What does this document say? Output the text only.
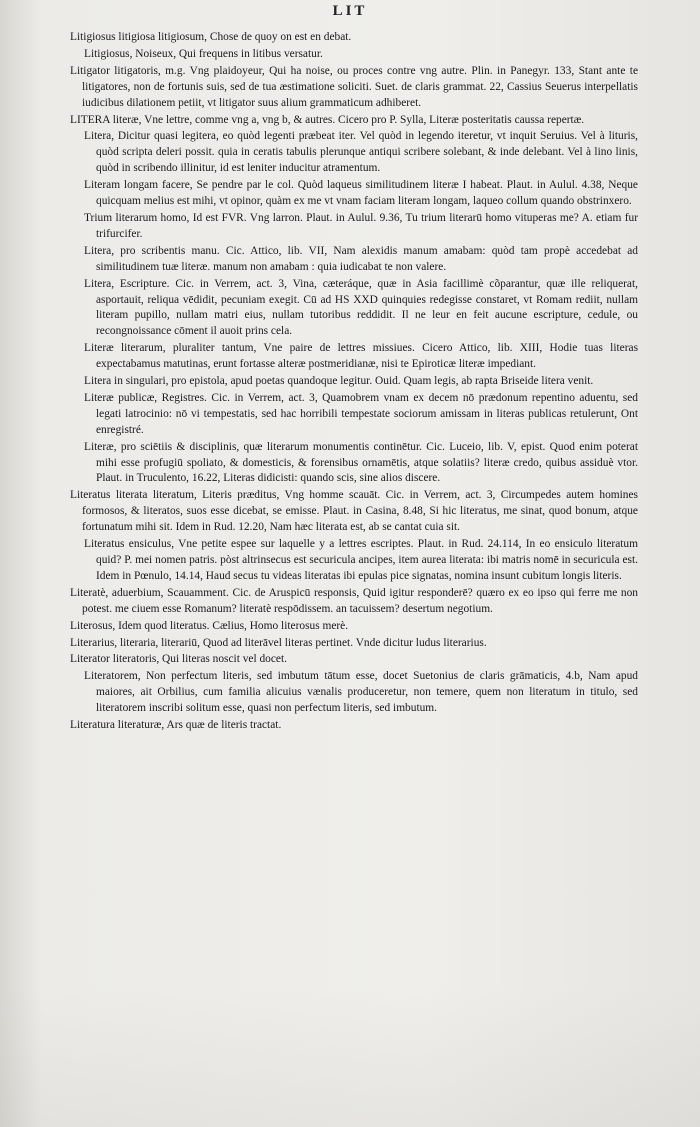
LIT

Litigiosus litigiosa litigiosum, Chose de quoy on est en debat.

Litigiosus, Noiseux, Qui frequens in litibus versatur.

Litigator litigatoris, m.g. Vng plaidoyeur, Qui ha noise, ou proces contre vng autre. Plin. in Panegyr. 133, Stant ante te litigatores, non de fortunis suis, sed de tua æstimatione soliciti. Suet. de claris grammat. 22, Cassius Seuerus interpellatis iudicibus dilationem petiit, vt litigator suus alium grammaticum adhiberet.

LITERA literæ, Vne lettre, comme vng a, vng b, & autres. Cicero pro P. Sylla, Literæ posteritatis caussa repertæ.

Litera, Dicitur quasi legitera, eo quòd legenti præbeat iter. Vel quòd in legendo iteretur, vt inquit Seruius. Vel à lituris, quòd scripta deleri possit. quia in ceratis tabulis plerunque antiqui scribere solebant, & inde delebant. Vel à lino linis, quòd in scribendo illinitur, id est leniter inducitur atramentum.

Literam longam facere, Se pendre par le col. Quòd laqueus similitudinem literæ I habeat. Plaut. in Aulul. 4.38, Neque quicquam melius est mihi, vt opinor, quàm ex me vt vnam faciam literam longam, laqueo collum quando obstrinxero.

Trium literarum homo, Id est FVR. Vng larron. Plaut. in Aulul. 9.36, Tu trium literarū homo vituperas me? A. etiam fur trifurcifer.

Litera, pro scribentis manu. Cic. Attico, lib. VII, Nam alexidis manum amabam: quòd tam propè accedebat ad similitudinem tuæ literæ. manum non amabam : quia iudicabat te non valere.

Litera, Escripture. Cic. in Verrem, act. 3, Vina, cæteráque, quæ in Asia facillimè cõparantur, quæ ille reliquerat, asportauit, reliqua vēdidit, pecuniam exegit. Cū ad HS XXD quinquies redegisse constaret, vt Romam rediit, nullam literam pupillo, nullam matri eius, nullam tutoribus reddidit. Il ne leur en feit aucune escripture, cedule, ou recongnoissance cōment il auoit prins cela.

Literæ literarum, pluraliter tantum, Vne paire de lettres missiues. Cicero Attico, lib. XIII, Hodie tuas literas expectabamus matutinas, erunt fortasse alteræ postmeridianæ, nisi te Epiroticæ literæ impediant.

Litera in singulari, pro epistola, apud poetas quandoque legitur. Ouid. Quam legis, ab rapta Briseide litera venit.

Literæ publicæ, Registres. Cic. in Verrem, act. 3, Quamobrem vnam ex decem nō prædonum repentino aduentu, sed legati latrocinio: nō vi tempestatis, sed hac horribili tempestate sociorum amissam in literas publicas retulerunt, Ont enregistré.

Literæ, pro sciētiis & disciplinis, quæ literarum monumentis continētur. Cic. Luceio, lib. V, epist. Quod enim poterat mihi esse profugiū spoliato, & domesticis, & forensibus ornamētis, atque solatiis? literæ credo, quibus assiduè vtor. Plaut. in Truculento, 16.22, Literas didicisti: quando scis, sine alios discere.

Literatus literata literatum, Literis præditus, Vng homme scauāt. Cic. in Verrem, act. 3, Circumpedes autem homines formosos, & literatos, suos esse dicebat, se emisse. Plaut. in Casina, 8.48, Si hic literatus, me sinat, quod bonum, atque fortunatum mihi sit. Idem in Rud. 12.20, Nam hæc literata est, ab se cantat cuia sit.

Literatus ensiculus, Vne petite espee sur laquelle y a lettres escriptes. Plaut. in Rud. 24.114, In eo ensiculo literatum quid? P. mei nomen patris. pòst altrinsecus est securicula ancipes, item aurea literata: ibi matris nomē in securicula est. Idem in Pœnulo, 14.14, Haud secus tu videas literatas ibi epulas pice signatas, nomina insunt cubitum longis literis.

Literatè, aduerbium, Scauamment. Cic. de Aruspicū responsis, Quid igitur responderē? quæro ex eo ipso qui ferre me non potest. me ciuem esse Romanum? literatè respōdissem. an tacuissem? desertum negotium.

Literosus, Idem quod literatus. Cælius, Homo literosus merè.

Literarius, literaria, literariū, Quod ad literāvel literas pertinet. Vnde dicitur ludus literarius.

Literator literatoris, Qui literas noscit vel docet.

Literatorem, Non perfectum literis, sed imbutum tātum esse, docet Suetonius de claris grāmaticis, 4.b, Nam apud maiores, ait Orbilius, cum familia alicuius vænalis produceretur, non temere, quem non literatum in titulo, sed literatorem inscribi solitum esse, quasi non perfectum literis, sed imbutum.

Literatura literaturæ, Ars quæ de literis tractat.
